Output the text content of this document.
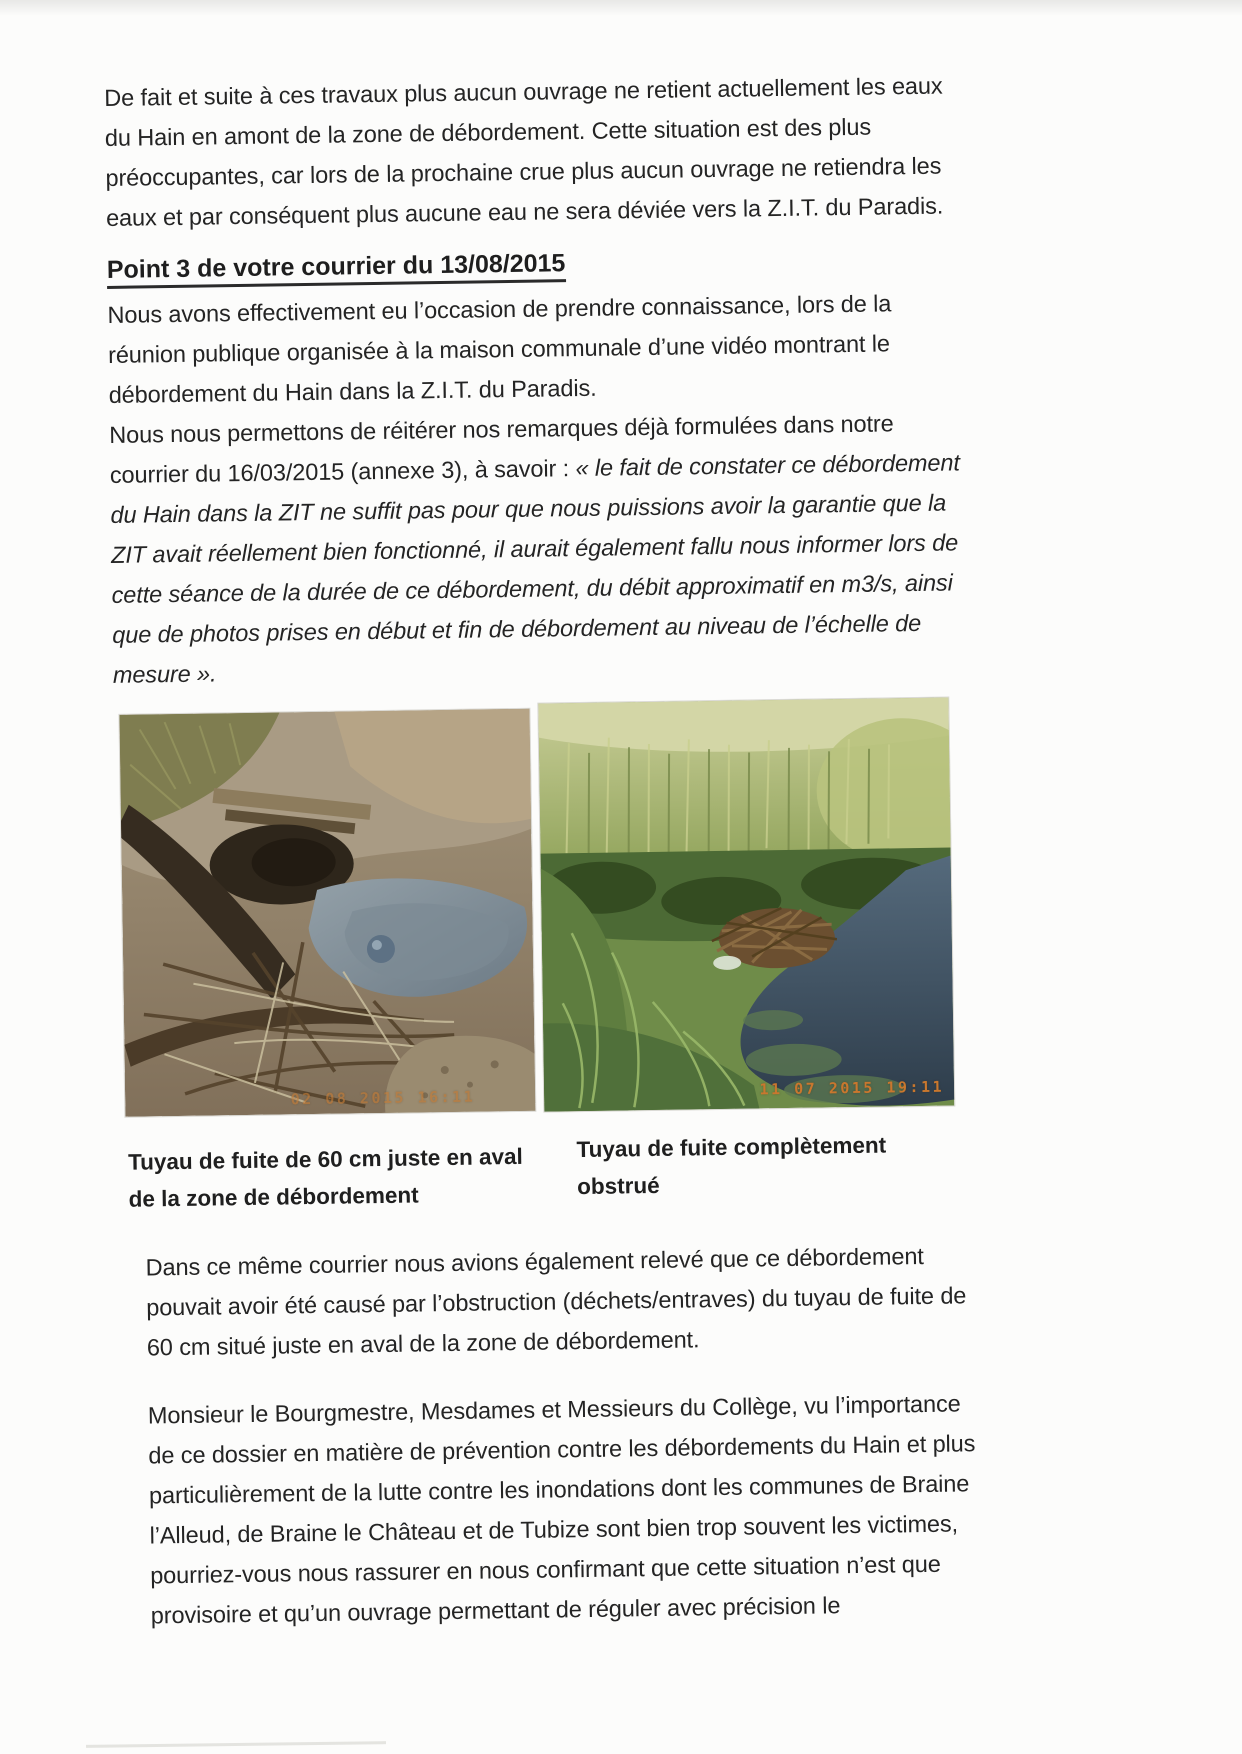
De fait et suite à ces travaux plus aucun ouvrage ne retient actuellement les eaux du Hain en amont de la zone de débordement. Cette situation est des plus préoccupantes, car lors de la prochaine crue plus aucun ouvrage ne retiendra les eaux et par conséquent plus aucune eau ne sera déviée vers la Z.I.T. du Paradis.

Point 3 de votre courrier du 13/08/2015

Nous avons effectivement eu l’occasion de prendre connaissance, lors de la réunion publique organisée à la maison communale d’une vidéo montrant le débordement du Hain dans la Z.I.T. du Paradis.

Nous nous permettons de réitérer nos remarques déjà formulées dans notre courrier du 16/03/2015 (annexe 3), à savoir : « le fait de constater ce débordement du Hain dans la ZIT ne suffit pas pour que nous puissions avoir la garantie que la ZIT avait réellement bien fonctionné, il aurait également fallu nous informer lors de cette séance de la durée de ce débordement, du débit approximatif en m3/s, ainsi que de photos prises en début et fin de débordement au niveau de l’échelle de mesure ».

02 08 2015 16:11	11 07 2015 19:11
Tuyau de fuite de 60 cm juste en aval
de la zone de débordement
Tuyau de fuite complètement obstrué

Dans ce même courrier nous avions également relevé que ce débordement pouvait avoir été causé par l’obstruction (déchets/entraves) du tuyau de fuite de 60 cm situé juste en aval de la zone de débordement.

Monsieur le Bourgmestre, Mesdames et Messieurs du Collège, vu l’importance de ce dossier en matière de prévention contre les débordements du Hain et plus particulièrement de la lutte contre les inondations dont les communes de Braine l’Alleud, de Braine le Château et de Tubize sont bien trop souvent les victimes, pourriez-vous nous rassurer en nous confirmant que cette situation n’est que provisoire et qu’un ouvrage permettant de réguler avec précision le
